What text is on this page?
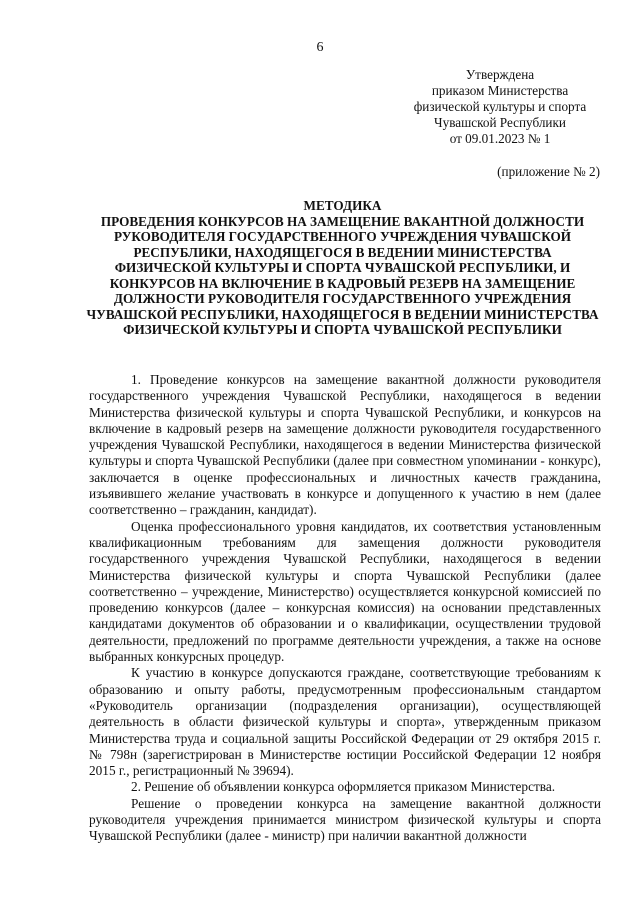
6
Утверждена
приказом Министерства
физической культуры и спорта
Чувашской Республики
от 09.01.2023 № 1
(приложение № 2)
МЕТОДИКА
ПРОВЕДЕНИЯ КОНКУРСОВ НА ЗАМЕЩЕНИЕ ВАКАНТНОЙ ДОЛЖНОСТИ РУКОВОДИТЕЛЯ ГОСУДАРСТВЕННОГО УЧРЕЖДЕНИЯ ЧУВАШСКОЙ РЕСПУБЛИКИ, НАХОДЯЩЕГОСЯ В ВЕДЕНИИ МИНИСТЕРСТВА ФИЗИЧЕСКОЙ КУЛЬТУРЫ И СПОРТА ЧУВАШСКОЙ РЕСПУБЛИКИ, И КОНКУРСОВ НА ВКЛЮЧЕНИЕ В КАДРОВЫЙ РЕЗЕРВ НА ЗАМЕЩЕНИЕ ДОЛЖНОСТИ РУКОВОДИТЕЛЯ ГОСУДАРСТВЕННОГО УЧРЕЖДЕНИЯ ЧУВАШСКОЙ РЕСПУБЛИКИ, НАХОДЯЩЕГОСЯ В ВЕДЕНИИ МИНИСТЕРСТВА ФИЗИЧЕСКОЙ КУЛЬТУРЫ И СПОРТА ЧУВАШСКОЙ РЕСПУБЛИКИ

1. Проведение конкурсов на замещение вакантной должности руководителя государственного учреждения Чувашской Республики, находящегося в ведении Министерства физической культуры и спорта Чувашской Республики, и конкурсов на включение в кадровый резерв на замещение должности руководителя государственного учреждения Чувашской Республики, находящегося в ведении Министерства физической культуры и спорта Чувашской Республики (далее при совместном упоминании - конкурс), заключается в оценке профессиональных и личностных качеств гражданина, изъявившего желание участвовать в конкурсе и допущенного к участию в нем (далее соответственно – гражданин, кандидат).

Оценка профессионального уровня кандидатов, их соответствия установленным квалификационным требованиям для замещения должности руководителя государственного учреждения Чувашской Республики, находящегося в ведении Министерства физической культуры и спорта Чувашской Республики (далее соответственно – учреждение, Министерство) осуществляется конкурсной комиссией по проведению конкурсов (далее – конкурсная комиссия) на основании представленных кандидатами документов об образовании и о квалификации, осуществлении трудовой деятельности, предложений по программе деятельности учреждения, а также на основе выбранных конкурсных процедур.

К участию в конкурсе допускаются граждане, соответствующие требованиям к образованию и опыту работы, предусмотренным профессиональным стандартом «Руководитель организации (подразделения организации), осуществляющей деятельность в области физической культуры и спорта», утвержденным приказом Министерства труда и социальной защиты Российской Федерации от 29 октября 2015 г. № 798н (зарегистрирован в Министерстве юстиции Российской Федерации 12 ноября 2015 г., регистрационный № 39694).

2. Решение об объявлении конкурса оформляется приказом Министерства.

Решение о проведении конкурса на замещение вакантной должности руководителя учреждения принимается министром физической культуры и спорта Чувашской Республики (далее - министр) при наличии вакантной должности
